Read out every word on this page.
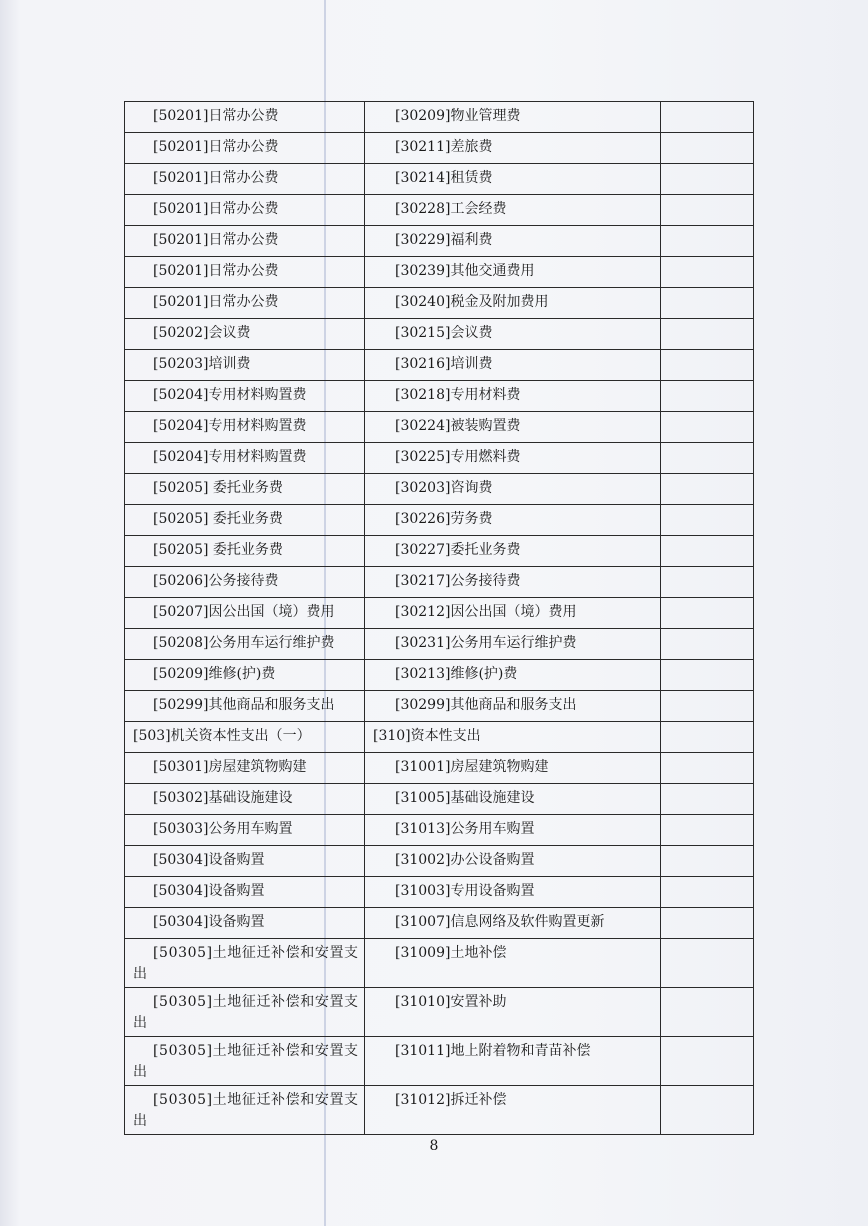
[50201]日常办公费	[30209]物业管理费	
[50201]日常办公费	[30211]差旅费	
[50201]日常办公费	[30214]租赁费	
[50201]日常办公费	[30228]工会经费	
[50201]日常办公费	[30229]福利费	
[50201]日常办公费	[30239]其他交通费用	
[50201]日常办公费	[30240]税金及附加费用	
[50202]会议费	[30215]会议费	
[50203]培训费	[30216]培训费	
[50204]专用材料购置费	[30218]专用材料费	
[50204]专用材料购置费	[30224]被装购置费	
[50204]专用材料购置费	[30225]专用燃料费	
[50205] 委托业务费	[30203]咨询费	
[50205] 委托业务费	[30226]劳务费	
[50205] 委托业务费	[30227]委托业务费	
[50206]公务接待费	[30217]公务接待费	
[50207]因公出国（境）费用	[30212]因公出国（境）费用	
[50208]公务用车运行维护费	[30231]公务用车运行维护费	
[50209]维修(护)费	[30213]维修(护)费	
[50299]其他商品和服务支出	[30299]其他商品和服务支出	
[503]机关资本性支出（一）	[310]资本性支出	
[50301]房屋建筑物购建	[31001]房屋建筑物购建	
[50302]基础设施建设	[31005]基础设施建设	
[50303]公务用车购置	[31013]公务用车购置	
[50304]设备购置	[31002]办公设备购置	
[50304]设备购置	[31003]专用设备购置	
[50304]设备购置	[31007]信息网络及软件购置更新	
[50305]土地征迁补偿和安置支出	[31009]土地补偿	
[50305]土地征迁补偿和安置支出	[31010]安置补助	
[50305]土地征迁补偿和安置支出	[31011]地上附着物和青苗补偿	
[50305]土地征迁补偿和安置支出	[31012]拆迁补偿	
8
